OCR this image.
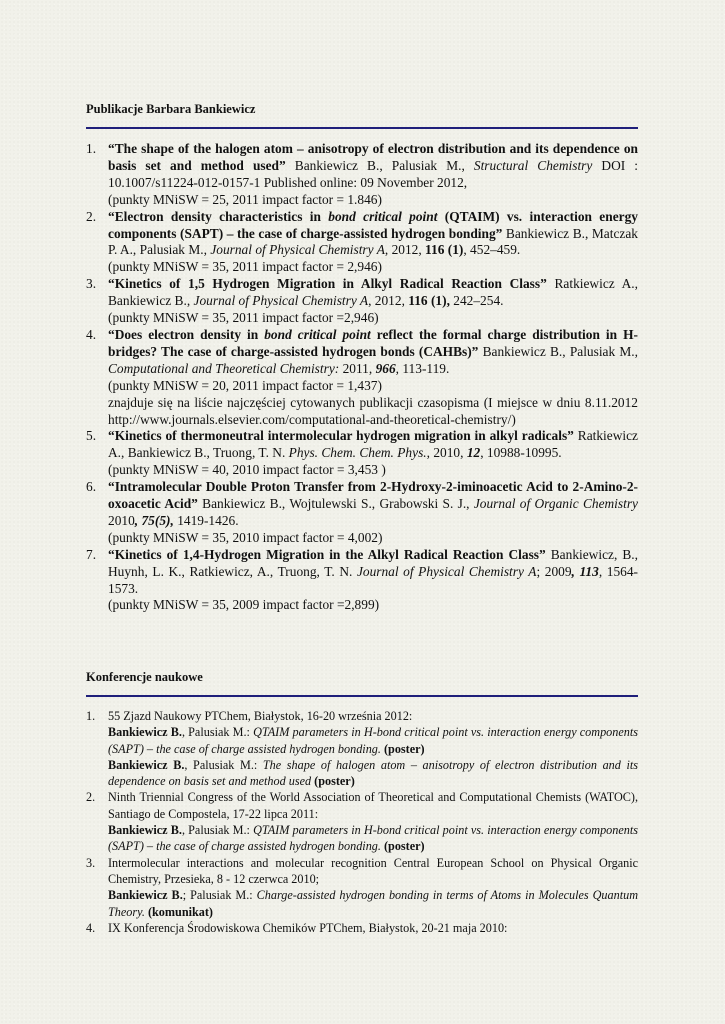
Publikacje Barbara Bankiewicz
1. “The shape of the halogen atom – anisotropy of electron distribution and its dependence on basis set and method used” Bankiewicz B., Palusiak M., Structural Chemistry DOI : 10.1007/s11224-012-0157-1 Published online: 09 November 2012,
(punkty MNiSW = 25, 2011 impact factor = 1.846)
2. “Electron density characteristics in bond critical point (QTAIM) vs. interaction energy components (SAPT) – the case of charge-assisted hydrogen bonding” Bankiewicz B., Matczak P. A., Palusiak M., Journal of Physical Chemistry A, 2012, 116 (1), 452–459.
(punkty MNiSW = 35, 2011 impact factor = 2,946)
3. “Kinetics of 1,5 Hydrogen Migration in Alkyl Radical Reaction Class” Ratkiewicz A., Bankiewicz B., Journal of Physical Chemistry A, 2012, 116 (1), 242–254.
(punkty MNiSW = 35, 2011 impact factor =2,946)
4. “Does electron density in bond critical point reflect the formal charge distribution in H-bridges? The case of charge-assisted hydrogen bonds (CAHBs)” Bankiewicz B., Palusiak M., Computational and Theoretical Chemistry: 2011, 966, 113-119.
(punkty MNiSW = 20, 2011 impact factor = 1,437)
znajduje się na liście najczęściej cytowanych publikacji czasopisma (I miejsce w dniu 8.11.2012 http://www.journals.elsevier.com/computational-and-theoretical-chemistry/)
5. “Kinetics of thermoneutral intermolecular hydrogen migration in alkyl radicals” Ratkiewicz A., Bankiewicz B., Truong, T. N. Phys. Chem. Chem. Phys., 2010, 12, 10988-10995.
(punkty MNiSW = 40, 2010 impact factor = 3,453 )
6. “Intramolecular Double Proton Transfer from 2-Hydroxy-2-iminoacetic Acid to 2-Amino-2-oxoacetic Acid” Bankiewicz B., Wojtulewski S., Grabowski S. J., Journal of Organic Chemistry 2010, 75(5), 1419-1426.
(punkty MNiSW = 35, 2010 impact factor = 4,002)
7. “Kinetics of 1,4-Hydrogen Migration in the Alkyl Radical Reaction Class” Bankiewicz, B., Huynh, L. K., Ratkiewicz, A., Truong, T. N. Journal of Physical Chemistry A; 2009, 113, 1564-1573.
(punkty MNiSW = 35, 2009 impact factor =2,899)
Konferencje naukowe
1. 55 Zjazd Naukowy PTChem, Białystok, 16-20 września 2012:
Bankiewicz B., Palusiak M.: QTAIM parameters in H-bond critical point vs. interaction energy components (SAPT) – the case of charge assisted hydrogen bonding. (poster)
Bankiewicz B., Palusiak M.: The shape of halogen atom – anisotropy of electron distribution and its dependence on basis set and method used (poster)
2. Ninth Triennial Congress of the World Association of Theoretical and Computational Chemists (WATOC), Santiago de Compostela, 17-22 lipca 2011:
Bankiewicz B., Palusiak M.: QTAIM parameters in H-bond critical point vs. interaction energy components (SAPT) – the case of charge assisted hydrogen bonding. (poster)
3. Intermolecular interactions and molecular recognition Central European School on Physical Organic Chemistry, Przesieka, 8 - 12 czerwca 2010;
Bankiewicz B.; Palusiak M.: Charge-assisted hydrogen bonding in terms of Atoms in Molecules Quantum Theory. (komunikat)
4. IX Konferencja Środowiskowa Chemików PTChem, Białystok, 20-21 maja 2010:
